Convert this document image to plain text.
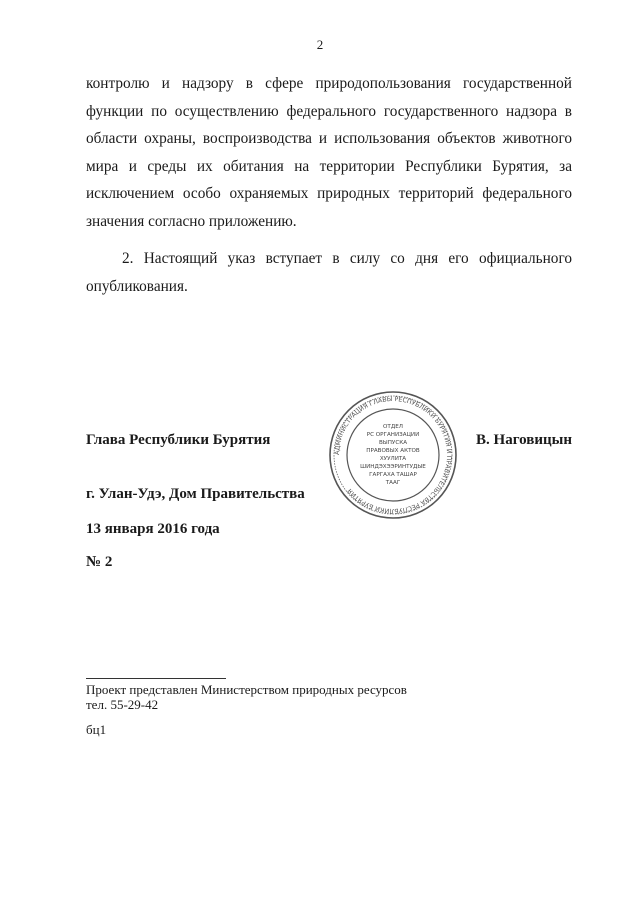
2

контролю и надзору в сфере природопользования государственной функции по осуществлению федерального государственного надзора в области охраны, воспроизводства и использования объектов животного мира и среды их обитания на территории Республики Бурятия, за исключением особо охраняемых природных территорий федерального значения согласно приложению.

2. Настоящий указ вступает в силу со дня его официального опубликования.

Глава Республики Бурятия	В. Наговицын
г. Улан-Удэ, Дом Правительства
13 января 2016 года
№ 2
АДМИНИСТРАЦИЯ ГЛАВЫ РЕСПУБЛИКИ БУРЯТИЯ И ПРАВИТЕЛЬСТВА РЕСПУБЛИКИ БУРЯТИЯ
ОТДЕЛ
РС ОРГАНИЗАЦИИ
ВЫПУСКА
ПРАВОВЫХ АКТОВ
ХУУЛИТА
ШИНДЭХЭЭРИНТУДЫЕ
ГАРГАХА ТАШАР
ТААГ
Проект представлен Министерством природных ресурсов
тел. 55-29-42
бц1
